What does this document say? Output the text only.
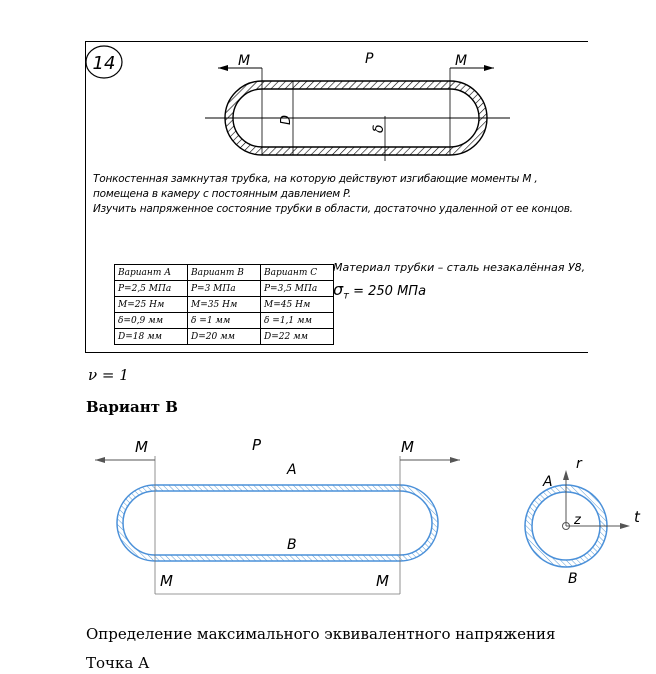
14	M	M
P
D
δ
Тонкостенная замкнутая трубка, на которую действуют изгибающие моменты M ,
помещена в камеру с постоянным давлением P.
Изучить напряженное состояние трубки в области, достаточно удаленной от ее концов.
Вариант А	Вариант B	Вариант C
P=2,5 МПа	P=3 МПа	P=3,5 МПа
M=25 Нм	M=35 Нм	M=45 Нм
δ=0,9 мм	δ =1 мм	δ =1,1 мм
D=18 мм	D=20 мм	D=22 мм
Материал трубки – сталь незакалённая У8,
$\sigma_т = 250$ МПа
ν = 1
Вариант В
M	M
P
M	M
A
B
r
t
z
A
B
Определение максимального эквивалентного напряжения
Точка А
